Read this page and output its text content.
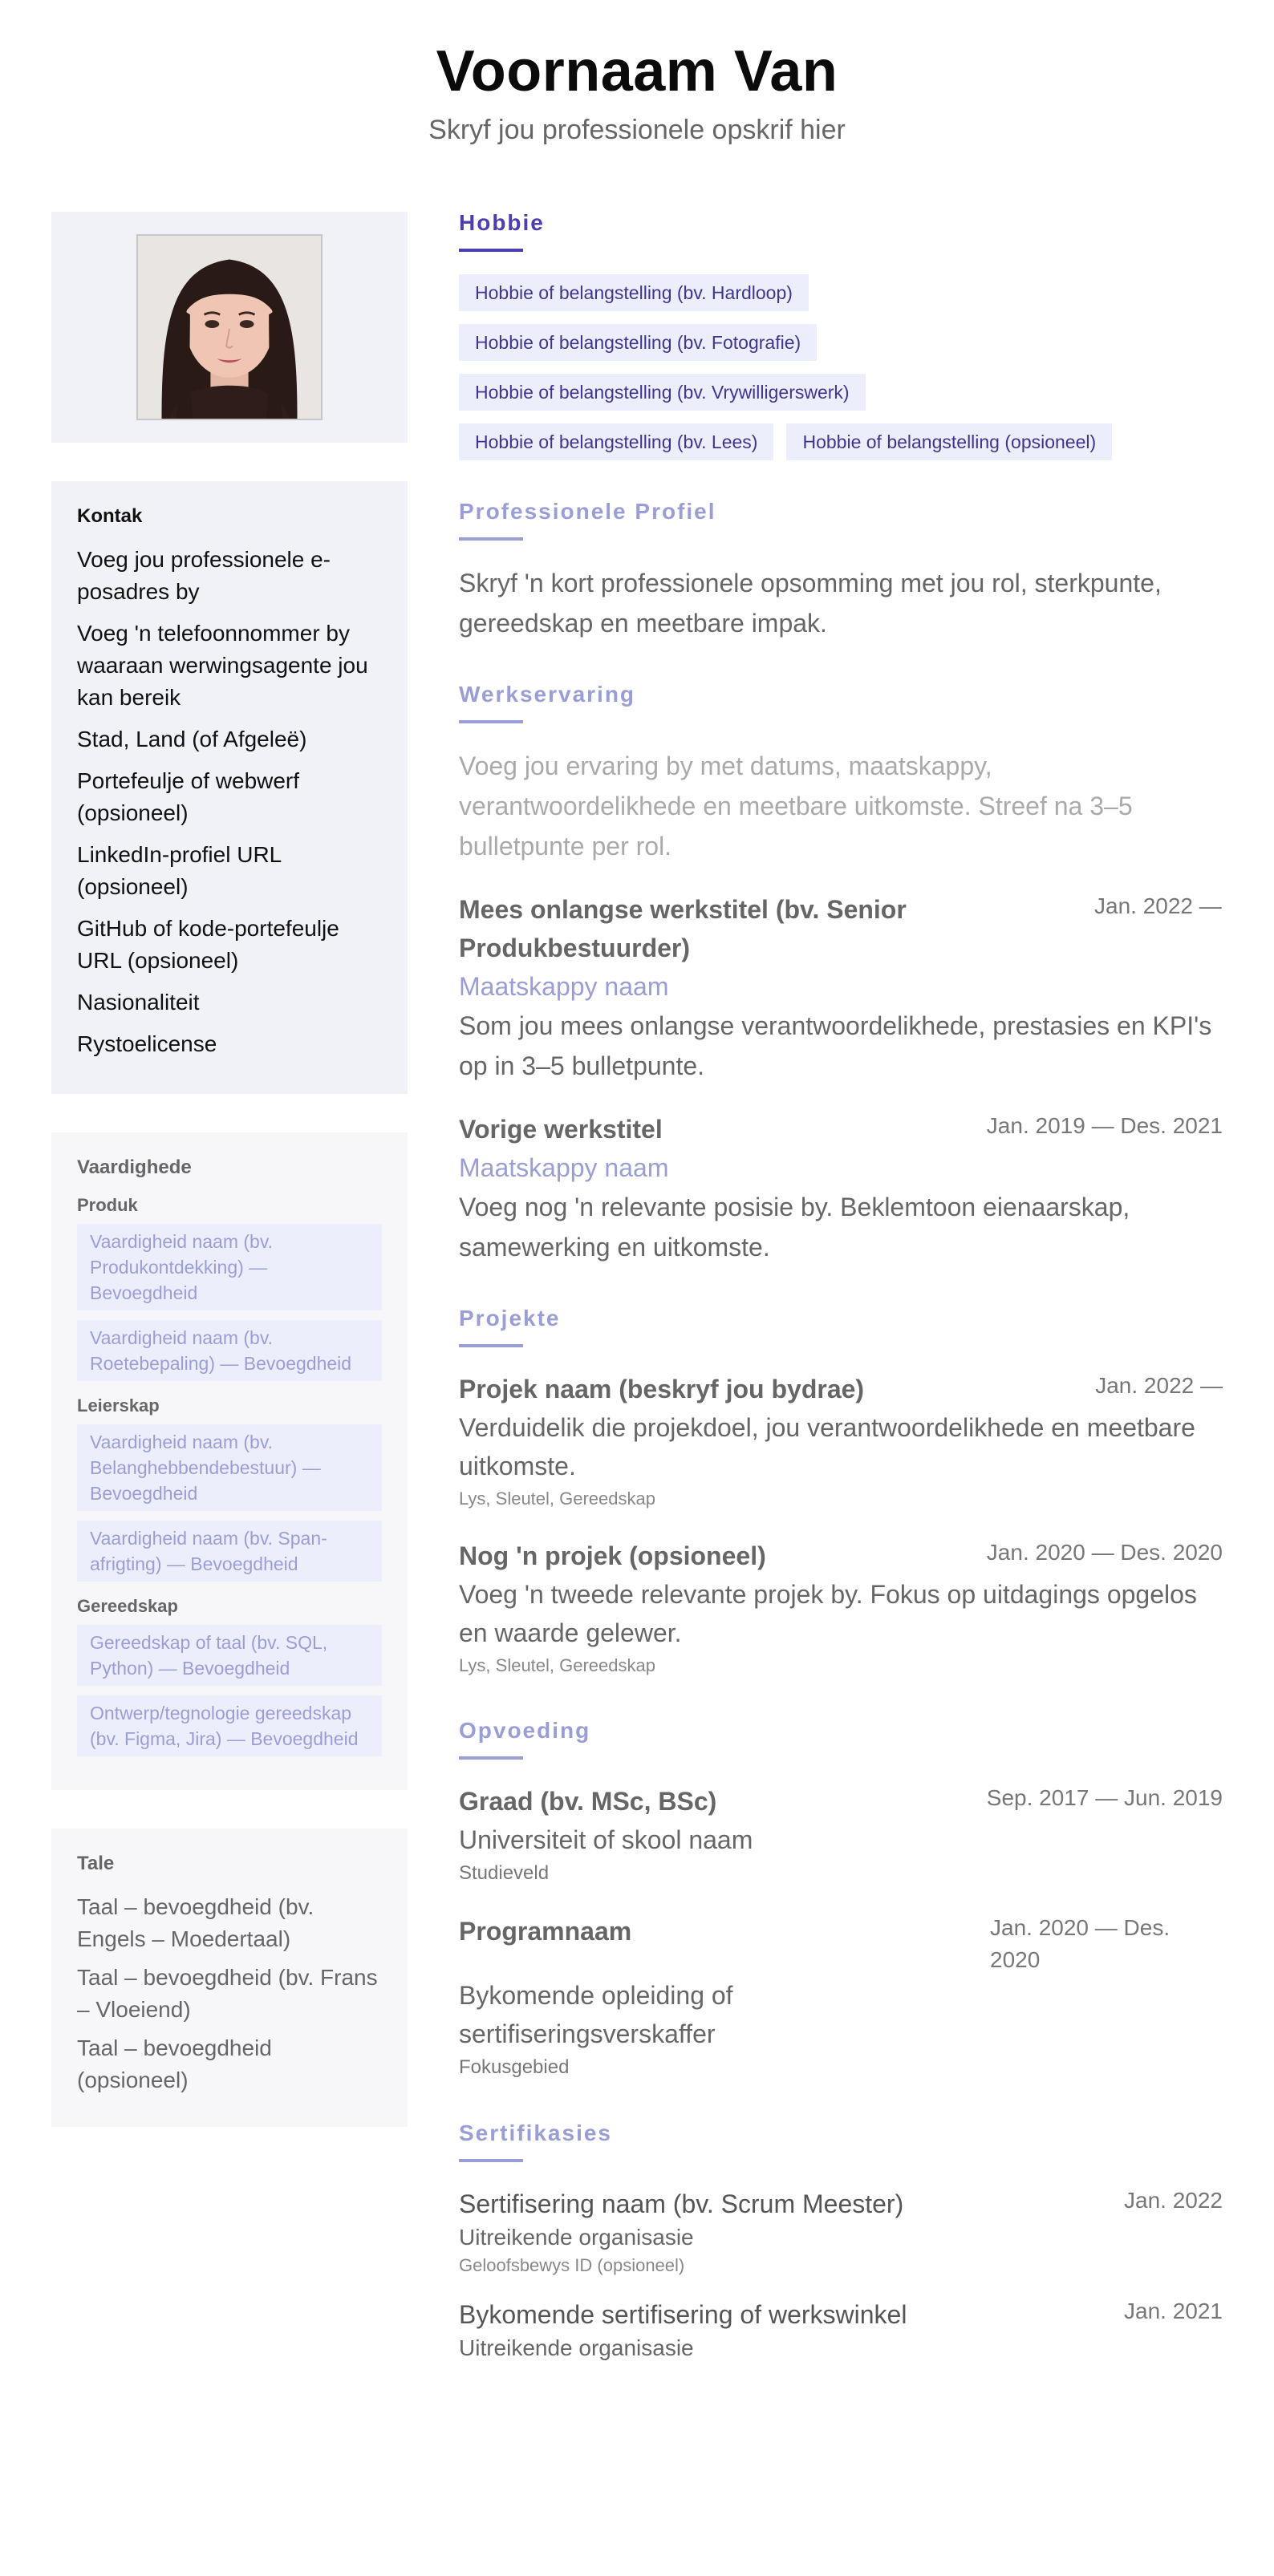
Voornaam Van
Skryf jou professionele opskrif hier
Kontak
Voeg jou professionele e-posadres by
Voeg 'n telefoonnommer by waaraan werwingsagente jou kan bereik
Stad, Land (of Afgeleë)
Portefeulje of webwerf (opsioneel)
LinkedIn-profiel URL (opsioneel)
GitHub of kode-portefeulje URL (opsioneel)
Nasionaliteit
Rystoelicense
Vaardighede
Produk
Vaardigheid naam (bv. Produkontdekking) — Bevoegdheid
Vaardigheid naam (bv. Roetebepaling) — Bevoegdheid
Leierskap
Vaardigheid naam (bv. Belanghebbendebestuur) — Bevoegdheid
Vaardigheid naam (bv. Span-afrigting) — Bevoegdheid
Gereedskap
Gereedskap of taal (bv. SQL, Python) — Bevoegdheid
Ontwerp/tegnologie gereedskap (bv. Figma, Jira) — Bevoegdheid
Tale
Taal – bevoegdheid (bv. Engels – Moedertaal)
Taal – bevoegdheid (bv. Frans – Vloeiend)
Taal – bevoegdheid (opsioneel)
Hobbie
Hobbie of belangstelling (bv. Hardloop)
Hobbie of belangstelling (bv. Fotografie)
Hobbie of belangstelling (bv. Vrywilligerswerk)
Hobbie of belangstelling (bv. Lees)	Hobbie of belangstelling (opsioneel)
Professionele Profiel
Skryf 'n kort professionele opsomming met jou rol, sterkpunte, gereedskap en meetbare impak.
Werkservaring
Voeg jou ervaring by met datums, maatskappy, verantwoordelikhede en meetbare uitkomste. Streef na 3–5 bulletpunte per rol.
Mees onlangse werkstitel (bv. Senior Produkbestuurder)
Jan. 2022 —
Maatskappy naam
Som jou mees onlangse verantwoordelikhede, prestasies en KPI's op in 3–5 bulletpunte.
Vorige werkstitel	Jan. 2019 — Des. 2021
Maatskappy naam
Voeg nog 'n relevante posisie by. Beklemtoon eienaarskap, samewerking en uitkomste.
Projekte
Projek naam (beskryf jou bydrae)	Jan. 2022 —
Verduidelik die projekdoel, jou verantwoordelikhede en meetbare uitkomste.
Lys, Sleutel, Gereedskap
Nog 'n projek (opsioneel)	Jan. 2020 — Des. 2020
Voeg 'n tweede relevante projek by. Fokus op uitdagings opgelos en waarde gelewer.
Lys, Sleutel, Gereedskap
Opvoeding
Graad (bv. MSc, BSc)	Sep. 2017 — Jun. 2019
Universiteit of skool naam
Studieveld
Programnaam	Jan. 2020 — Des. 2020
Bykomende opleiding of sertifiseringsverskaffer
Fokusgebied
Sertifikasies
Sertifisering naam (bv. Scrum Meester)	Jan. 2022
Uitreikende organisasie
Geloofsbewys ID (opsioneel)
Bykomende sertifisering of werkswinkel	Jan. 2021
Uitreikende organisasie
